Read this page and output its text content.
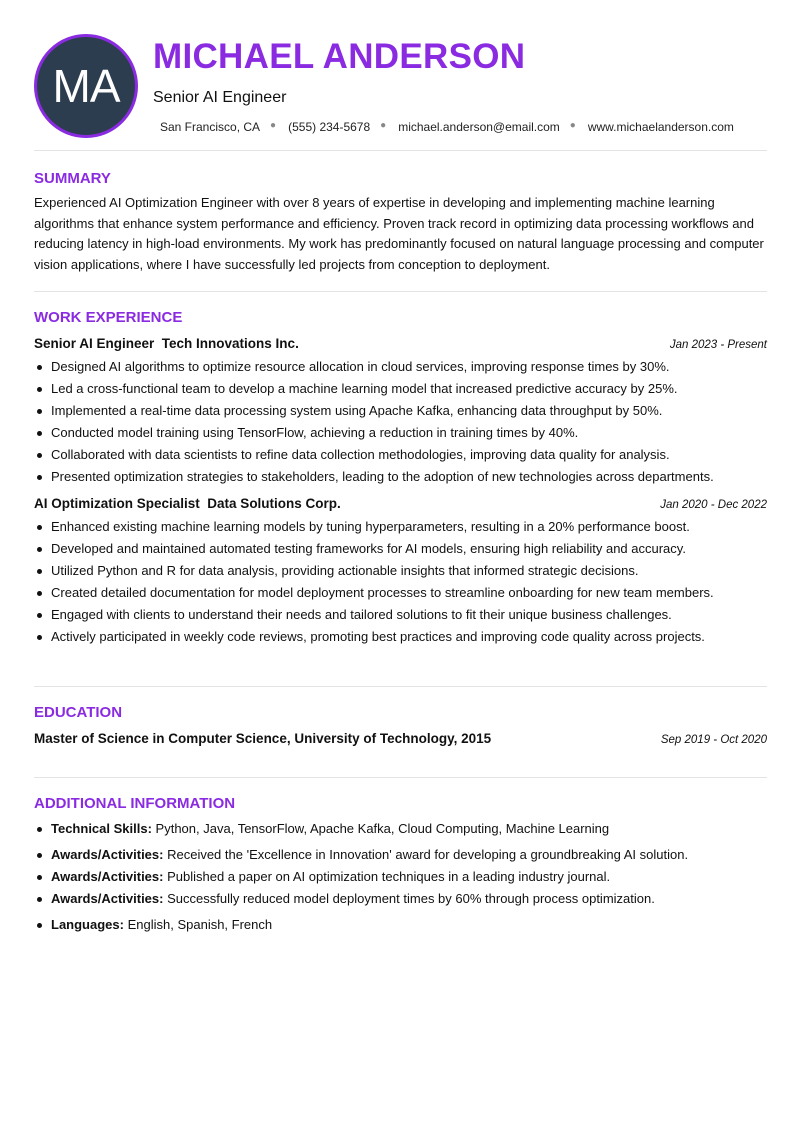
MA
MICHAEL ANDERSON
Senior AI Engineer
San Francisco, CA ● (555) 234-5678 ● michael.anderson@email.com ● www.michaelanderson.com
SUMMARY

Experienced AI Optimization Engineer with over 8 years of expertise in developing and implementing machine learning algorithms that enhance system performance and efficiency. Proven track record in optimizing data processing workflows and reducing latency in high-load environments. My work has predominantly focused on natural language processing and computer vision applications, where I have successfully led projects from conception to deployment.

WORK EXPERIENCE
Senior AI Engineer Tech Innovations Inc.	Jan 2023 - Present
Designed AI algorithms to optimize resource allocation in cloud services, improving response times by 30%.
Led a cross-functional team to develop a machine learning model that increased predictive accuracy by 25%.
Implemented a real-time data processing system using Apache Kafka, enhancing data throughput by 50%.
Conducted model training using TensorFlow, achieving a reduction in training times by 40%.
Collaborated with data scientists to refine data collection methodologies, improving data quality for analysis.
Presented optimization strategies to stakeholders, leading to the adoption of new technologies across departments.
AI Optimization Specialist Data Solutions Corp.	Jan 2020 - Dec 2022
Enhanced existing machine learning models by tuning hyperparameters, resulting in a 20% performance boost.
Developed and maintained automated testing frameworks for AI models, ensuring high reliability and accuracy.
Utilized Python and R for data analysis, providing actionable insights that informed strategic decisions.
Created detailed documentation for model deployment processes to streamline onboarding for new team members.
Engaged with clients to understand their needs and tailored solutions to fit their unique business challenges.
Actively participated in weekly code reviews, promoting best practices and improving code quality across projects.
EDUCATION
Master of Science in Computer Science, University of Technology, 2015	Sep 2019 - Oct 2020
ADDITIONAL INFORMATION
Technical Skills: Python, Java, TensorFlow, Apache Kafka, Cloud Computing, Machine Learning
Awards/Activities: Received the 'Excellence in Innovation' award for developing a groundbreaking AI solution.
Awards/Activities: Published a paper on AI optimization techniques in a leading industry journal.
Awards/Activities: Successfully reduced model deployment times by 60% through process optimization.
Languages: English, Spanish, French
